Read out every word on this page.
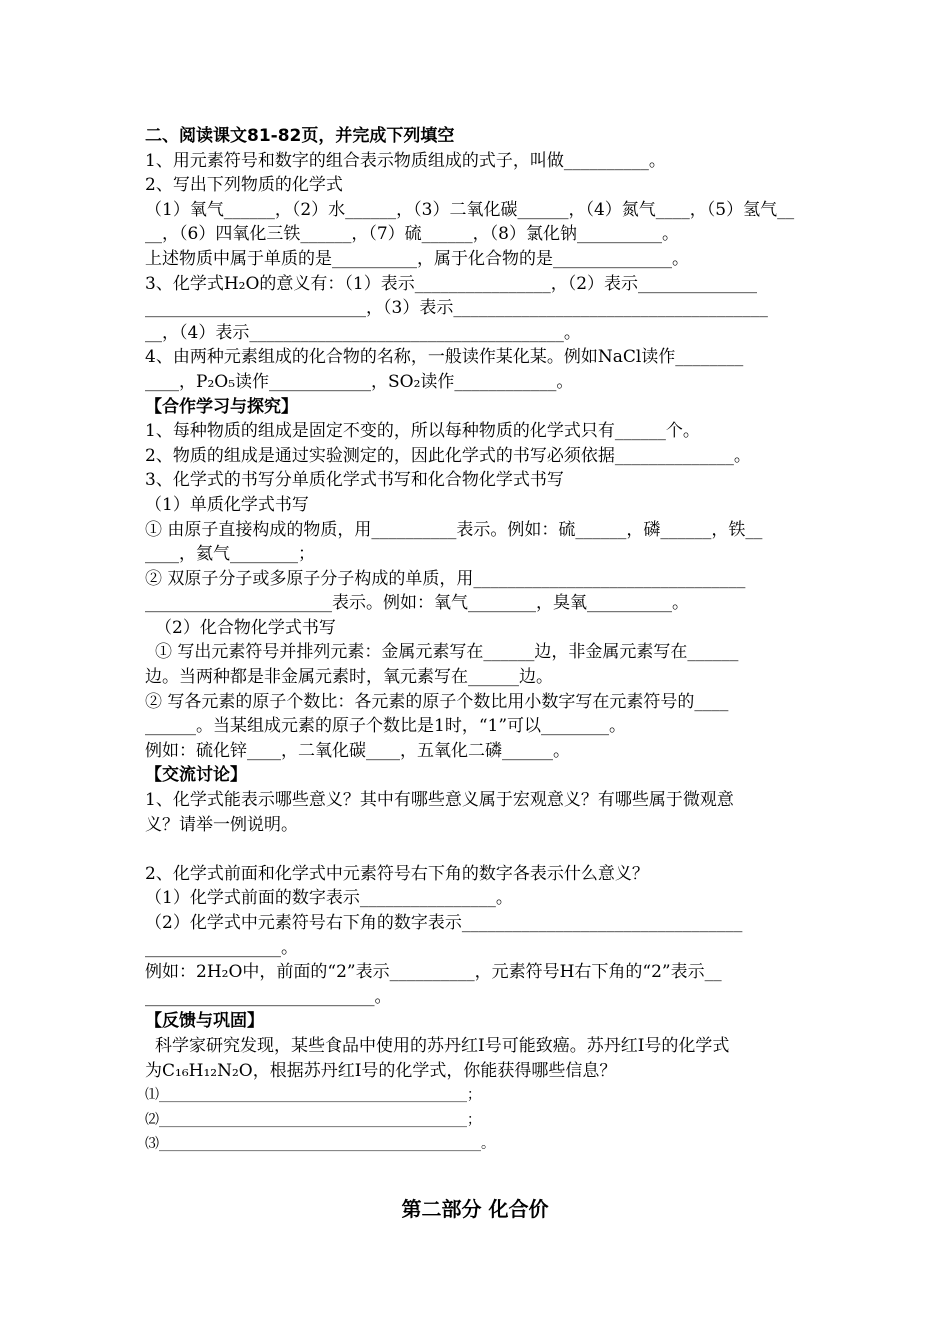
二、阅读课文81-82页，并完成下列填空

1、用元素符号和数字的组合表示物质组成的式子，叫做__________。

2、写出下列物质的化学式

（1）氧气______，（2）水______，（3）二氧化碳______，（4）氮气____，（5）氢气__

__，（6）四氧化三铁______，（7）硫______，（8）氯化钠__________。

上述物质中属于单质的是__________，属于化合物的是______________。

3、化学式H₂O的意义有：（1）表示________________，（2）表示______________

__________________________，（3）表示_____________________________________

__，（4）表示_____________________________________。

4、由两种元素组成的化合物的名称，一般读作某化某。例如NaCl读作________

____，P₂O₅读作____________，SO₂读作____________。

【合作学习与探究】

1、每种物质的组成是固定不变的，所以每种物质的化学式只有______个。

2、物质的组成是通过实验测定的，因此化学式的书写必须依据______________。

3、化学式的书写分单质化学式书写和化合物化学式书写

（1）单质化学式书写

① 由原子直接构成的物质，用__________表示。例如：硫______，磷______，铁__

____，氦气________；

② 双原子分子或多原子分子构成的单质，用________________________________

______________________表示。例如：氧气________，臭氧__________。

（2）化合物化学式书写

① 写出元素符号并排列元素：金属元素写在______边，非金属元素写在______

边。当两种都是非金属元素时，氧元素写在______边。

② 写各元素的原子个数比：各元素的原子个数比用小数字写在元素符号的____

______。当某组成元素的原子个数比是1时，“1”可以________。

例如：硫化锌____，二氧化碳____，五氧化二磷______。

【交流讨论】

1、化学式能表示哪些意义？其中有哪些意义属于宏观意义？有哪些属于微观意

义？请举一例说明。

2、化学式前面和化学式中元素符号右下角的数字各表示什么意义？

（1）化学式前面的数字表示________________。

（2）化学式中元素符号右下角的数字表示_________________________________

________________。

例如：2H₂O中，前面的“2”表示__________，元素符号H右下角的“2”表示__

___________________________。

【反馈与巩固】

科学家研究发现，某些食品中使用的苏丹红I号可能致癌。苏丹红I号的化学式

为C₁₆H₁₂N₂O，根据苏丹红I号的化学式，你能获得哪些信息？

⑴____________________________________________；

⑵____________________________________________；

⑶______________________________________________。

第二部分 化合价
